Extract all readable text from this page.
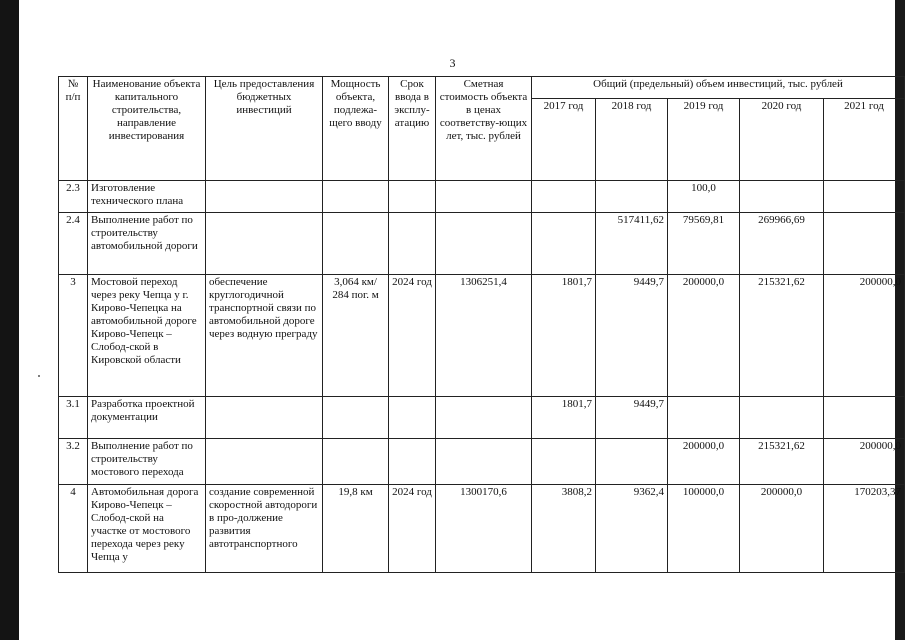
3
№ п/п	Наименование объекта капитального строительства, направление инвестирования	Цель предоставления бюджетных инвестиций	Мощность объекта, подлежа-щего вводу	Срок ввода в эксплу-атацию	Сметная стоимость объекта в ценах соответству-ющих лет, тыс. рублей	Общий (предельный) объем инвестиций, тыс. рублей				
						2017 год	2018 год	2019 год	2020 год	2021 год
2.3	Изготовление технического плана							100,0		
2.4	Выполнение работ по строительству автомобильной дороги						517411,62	79569,81	269966,69	
3	Мостовой переход через реку Чепца у г. Кирово-Чепецка на автомобильной дороге Кирово-Чепецк – Слобод-ской в Кировской области	обеспечение круглогодичной транспортной связи по автомобильной дороге через водную преграду	3,064 км/ 284 пог. м	2024 год	1306251,4	1801,7	9449,7	200000,0	215321,62	200000,0
3.1	Разработка проектной документации					1801,7	9449,7			
3.2	Выполнение работ по строительству мостового перехода							200000,0	215321,62	200000,0
4	Автомобильная дорога Кирово-Чепецк – Слобод-ской на участке от мостового перехода через реку Чепца у	создание современной скоростной автодороги в про-должение развития автотранспортного	19,8 км	2024 год	1300170,6	3808,2	9362,4	100000,0	200000,0	170203,37
